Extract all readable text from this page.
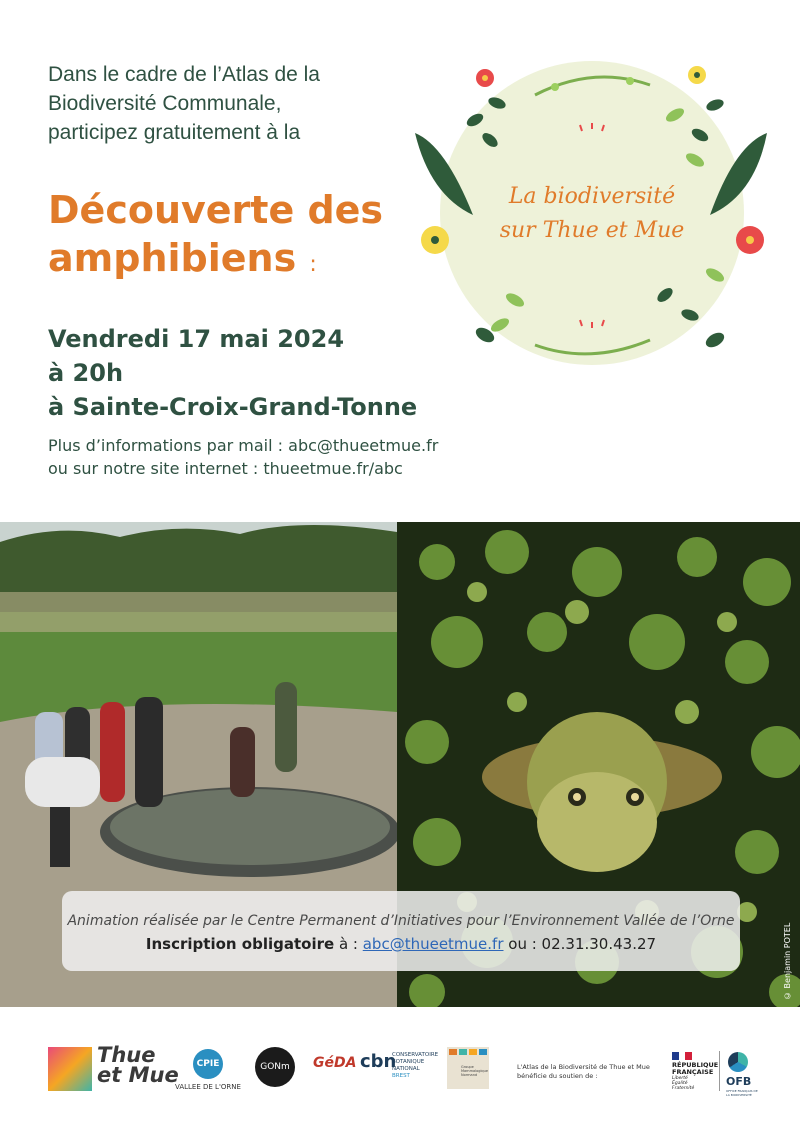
Dans le cadre de l’Atlas de la
Biodiversité Communale,
participez gratuitement à la
Découverte des
amphibiens :
Vendredi 17 mai 2024
à 20h
à Sainte-Croix-Grand-Tonne
Plus d’informations par mail : abc@thueetmue.fr
ou sur notre site internet : thueetmue.fr/abc
La biodiversité
sur Thue et Mue
Animation réalisée par le Centre Permanent d’Initiatives pour l’Environnement Vallée de l’Orne
Inscription obligatoire à : abc@thueetmue.fr ou : 02.31.30.43.27	© Benjamin POTEL
Thue
et Mue	CPIE
VALLEE DE L'ORNE
GONm	GéDA cbn
CONSERVATOIRE
BOTANIQUE
NATIONAL
BREST
Groupe Mammalogique Normand
L'Atlas de la Biodiversité de Thue et Mue
bénéficie du soutien de :
RÉPUBLIQUE
FRANÇAISE
Liberté
Égalité
Fraternité
OFB
OFFICE FRANÇAIS DE LA BIODIVERSITÉ
